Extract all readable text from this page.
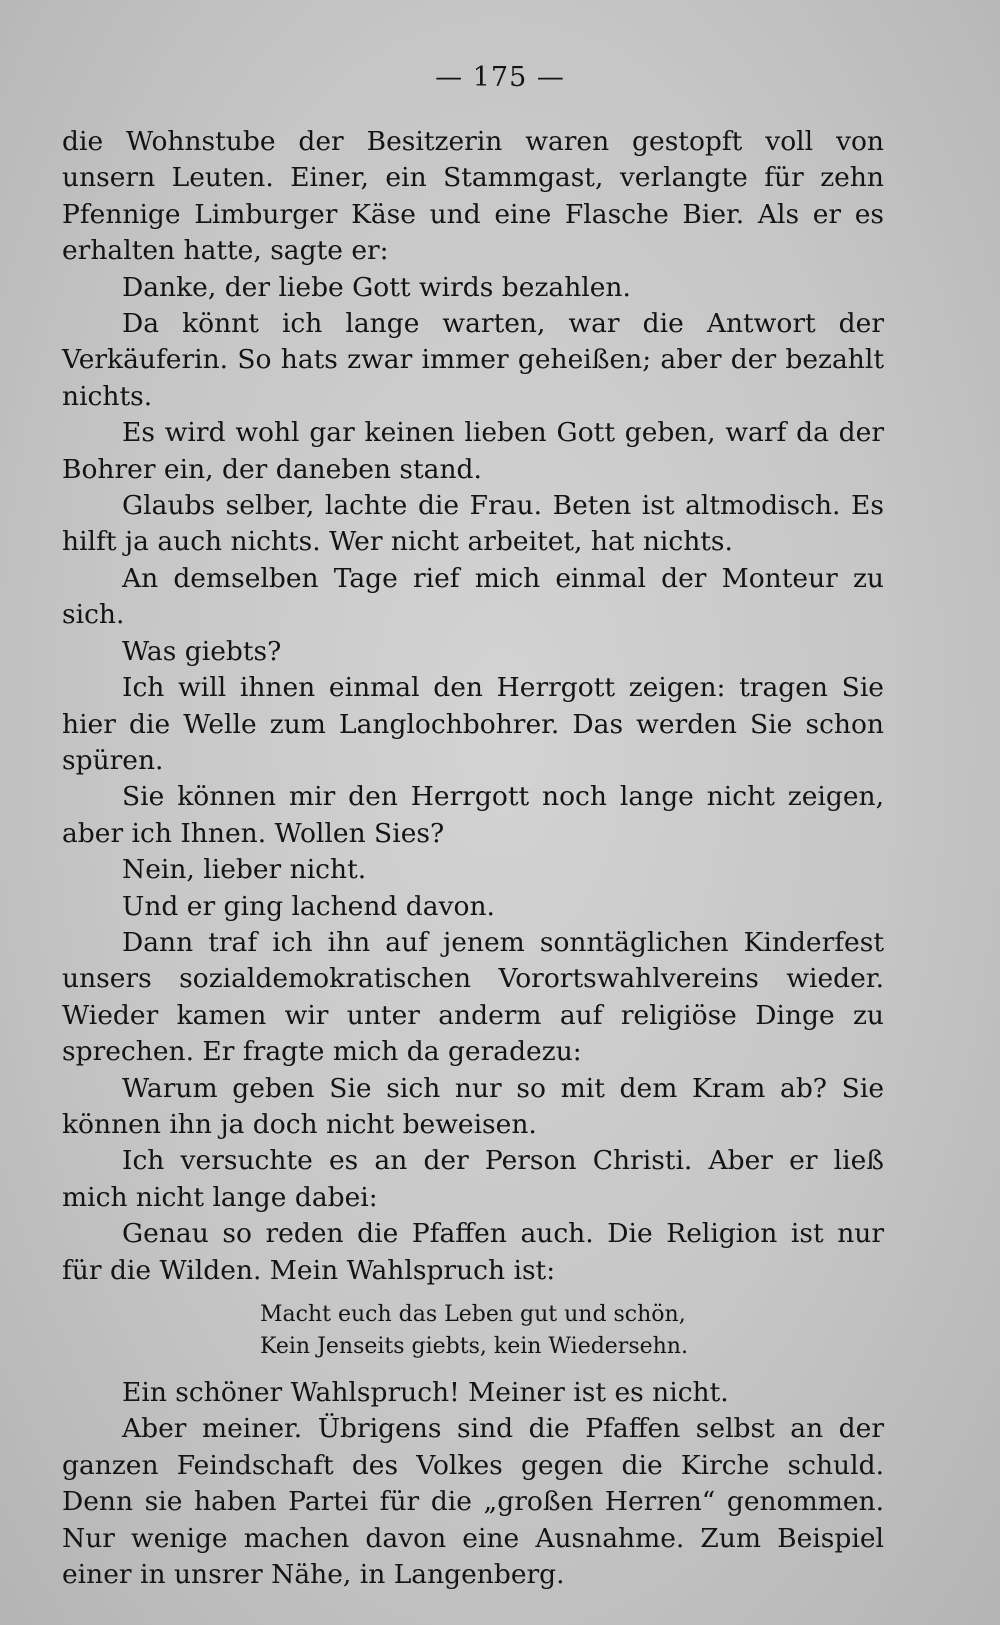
— 175 —

die Wohnstube der Besitzerin waren gestopft voll von unsern Leuten. Einer, ein Stammgast, verlangte für zehn Pfennige Limburger Käse und eine Flasche Bier. Als er es erhalten hatte, sagte er:

Danke, der liebe Gott wirds bezahlen.

Da könnt ich lange warten, war die Antwort der Verkäuferin. So hats zwar immer geheißen; aber der bezahlt nichts.

Es wird wohl gar keinen lieben Gott geben, warf da der Bohrer ein, der daneben stand.

Glaubs selber, lachte die Frau. Beten ist altmodisch. Es hilft ja auch nichts. Wer nicht arbeitet, hat nichts.

An demselben Tage rief mich einmal der Monteur zu sich.

Was giebts?

Ich will ihnen einmal den Herrgott zeigen: tragen Sie hier die Welle zum Langlochbohrer. Das werden Sie schon spüren.

Sie können mir den Herrgott noch lange nicht zeigen, aber ich Ihnen. Wollen Sies?

Nein, lieber nicht.

Und er ging lachend davon.

Dann traf ich ihn auf jenem sonntäglichen Kinderfest unsers sozialdemokratischen Vorortswahlvereins wieder. Wieder kamen wir unter anderm auf religiöse Dinge zu sprechen. Er fragte mich da geradezu:

Warum geben Sie sich nur so mit dem Kram ab? Sie können ihn ja doch nicht beweisen.

Ich versuchte es an der Person Christi. Aber er ließ mich nicht lange dabei:

Genau so reden die Pfaffen auch. Die Religion ist nur für die Wilden. Mein Wahlspruch ist:

Macht euch das Leben gut und schön,
Kein Jenseits giebts, kein Wiedersehn.

Ein schöner Wahlspruch! Meiner ist es nicht.

Aber meiner. Übrigens sind die Pfaffen selbst an der ganzen Feindschaft des Volkes gegen die Kirche schuld. Denn sie haben Partei für die „großen Herren“ genommen. Nur wenige machen davon eine Ausnahme. Zum Beispiel einer in unsrer Nähe, in Langenberg.
